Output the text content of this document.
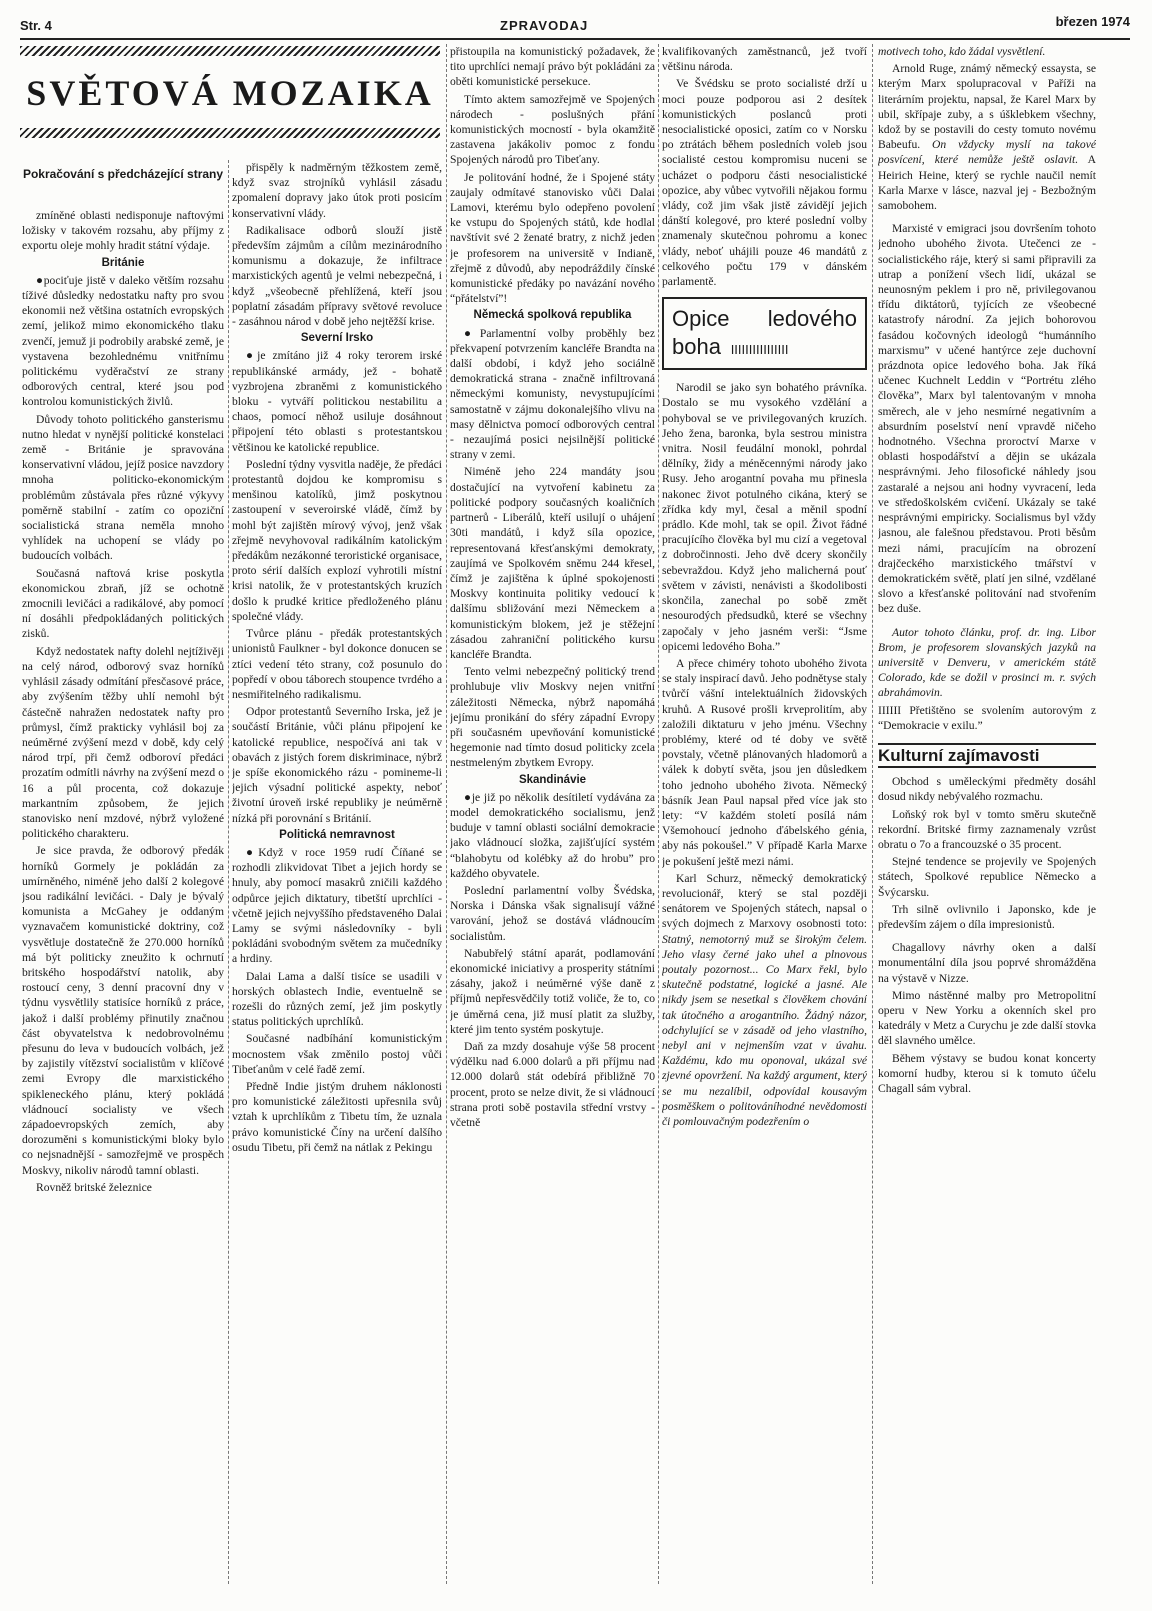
Str. 4	ZPRAVODAJ	březen 1974
SVĚTOVÁ MOZAIKA
Pokračování s předcházející strany

zmíněné oblasti nedisponuje naftovými ložisky v takovém rozsahu, aby příjmy z exportu oleje mohly hradit státní výdaje.

Británie

● pociťuje jistě v daleko větším rozsahu tíživé důsledky nedostatku nafty pro svou ekonomii než většina ostatních evropských zemí, jelikož mimo ekonomického tlaku zvenčí, jemuž ji podrobily arabské země, je vystavena bezohlednému vnitřnímu politickému vyděračství ze strany odborových central, které jsou pod kontrolou komunistických živlů.

Důvody tohoto politického gansterismu nutno hledat v nynější politické konstelaci země - Británie je spravována konservativní vládou, jejíž posice navzdory mnoha politicko-ekonomickým problémům zůstávala přes různé výkyvy poměrně stabilní - zatím co opoziční socialistická strana neměla mnoho vyhlídek na uchopení se vlády po budoucích volbách.

Současná naftová krise poskytla ekonomickou zbraň, jíž se ochotně zmocnili levičáci a radikálové, aby pomocí ní dosáhli předpokládaných politických zisků.

Když nedostatek nafty dolehl nejtíživěji na celý národ, odborový svaz horníků vyhlásil zásady odmítání přesčasové práce, aby zvýšením těžby uhlí nemohl být částečně nahražen nedostatek nafty pro průmysl, čímž prakticky vyhlásil boj za neúměrné zvýšení mezd v době, kdy celý národ trpí, při čemž odboroví předáci prozatím odmítli návrhy na zvýšení mezd o 16 a půl procenta, což dokazuje markantním způsobem, že jejich stanovisko není mzdové, nýbrž vyložené politického charakteru.

Je sice pravda, že odborový předák horníků Gormely je pokládán za umírněného, niméně jeho další 2 kolegové jsou radikální levičáci. - Daly je bývalý komunista a McGahey je oddaným vyznavačem komunistické doktriny, což vysvětluje dostatečně že 270.000 horníků má být politicky zneužito k ochrnutí britského hospodářství natolik, aby rostoucí ceny, 3 denní pracovní dny v týdnu vysvětlily statisíce horníků z práce, jakož i další problémy přinutily značnou část obyvatelstva k nedobrovolnému přesunu do leva v budoucích volbách, jež by zajistily vítězství socialistům v klíčové zemi Evropy dle marxistického spikleneckého plánu, který pokládá vládnoucí socialisty ve všech západoevropských zemích, aby dorozuměni s komunistickými bloky bylo co nejsnadnější - samozřejmě ve prospěch Moskvy, nikoliv národů tamní oblasti.

Rovněž britské železnice

přispěly k nadměrným těžkostem země, když svaz strojníků vyhlásil zásadu zpomalení dopravy jako útok proti posicím konservativní vlády.

Radikalisace odborů slouží jistě především zájmům a cílům mezinárodního komunismu a dokazuje, že infiltrace marxistických agentů je velmi nebezpečná, i když „všeobecně přehlížená, kteří jsou poplatní zásadám přípravy světové revoluce - zasáhnou národ v době jeho nejtěžší krise.

Severní Irsko

● je zmítáno již 4 roky terorem irské republikánské armády, jež - bohatě vyzbrojena zbraněmi z komunistického bloku - vytváří politickou nestabilitu a chaos, pomocí něhož usiluje dosáhnout připojení této oblasti s protestantskou většinou ke katolické republice.

Poslední týdny vysvitla naděje, že předáci protestantů dojdou ke kompromisu s menšinou katolíků, jimž poskytnou zastoupení v severoirské vládě, čímž by mohl být zajištěn mírový vývoj, jenž však zřejmě nevyhovoval radikálním katolickým předákům nezákonné teroristické organisace, proto sérií dalších explozí vyhrotili místní krisi natolik, že v protestantských kruzích došlo k prudké kritice předloženého plánu společné vlády.

Tvůrce plánu - předák protestantských unionistů Faulkner - byl dokonce donucen se ztíci vedení této strany, což posunulo do popředí v obou táborech stoupence tvrdého a nesmiřitelného radikalismu.

Odpor protestantů Severního Irska, jež je součástí Británie, vůči plánu připojení ke katolické republice, nespočívá ani tak v obavách z jistých forem diskriminace, nýbrž je spíše ekonomického rázu - pomineme-li jejich výsadní politické aspekty, neboť životní úroveň irské republiky je neúměrně nízká při porovnání s Británií.

Politická nemravnost

● Když v roce 1959 rudí Číňané se rozhodli zlikvidovat Tibet a jejich hordy se hnuly, aby pomocí masakrů zničili každého odpůrce jejich diktatury, tibetští uprchlíci - včetně jejich nejvyššího představeného Dalai Lamy se svými následovníky - byli pokládáni svobodným světem za mučedníky a hrdiny.

Dalai Lama a další tisíce se usadili v horských oblastech Indie, eventuelně se rozešli do různých zemí, jež jim poskytly status politických uprchlíků.

Současné nadbíhání komunistickým mocnostem však změnilo postoj vůči Tibeťanům v celé řadě zemí.

Předně Indie jistým druhem náklonosti pro komunistické záležitosti upřesnila svůj vztah k uprchlíkům z Tibetu tím, že uznala právo komunistické Číny na určení dalšího osudu Tibetu, při čemž na nátlak z Pekingu

přistoupila na komunistický požadavek, že tito uprchlíci nemají právo být pokládáni za oběti komunistické persekuce.

Tímto aktem samozřejmě ve Spojených národech - poslušných přání komunistických mocností - byla okamžitě zastavena jakákoliv pomoc z fondu Spojených národů pro Tibeťany.

Je politování hodné, že i Spojené státy zaujaly odmítavé stanovisko vůči Dalai Lamovi, kterému bylo odepřeno povolení ke vstupu do Spojených států, kde hodlal navštívit své 2 ženaté bratry, z nichž jeden je profesorem na universitě v Indianě, zřejmě z důvodů, aby nepodráždily čínské komunistické předáky po navázání nového “přátelství”!

Německá spolková republika

● Parlamentní volby proběhly bez překvapení potvrzením kancléře Brandta na další období, i když jeho sociálně demokratická strana - značně infiltrovaná německými komunisty, nevystupujícími samostatně v zájmu dokonalejšího vlivu na masy dělnictva pomocí odborových central - nezaujímá posici nejsilnější politické strany v zemi.

Niméně jeho 224 mandáty jsou dostačující na vytvoření kabinetu za politické podpory současných koaličních partnerů - Liberálů, kteří usilují o uhájení 30ti mandátů, i když síla opozice, representovaná křesťanskými demokraty, zaujímá ve Spolkovém sněmu 244 křesel, čímž je zajištěna k úplné spokojenosti Moskvy kontinuita politiky vedoucí k dalšímu sbližování mezi Německem a komunistickým blokem, jež je stěžejní zásadou zahraniční politického kursu kancléře Brandta.

Tento velmi nebezpečný politický trend prohlubuje vliv Moskvy nejen vnitřní záležitosti Německa, nýbrž napomáhá jejímu pronikání do sféry západní Evropy při současném upevňování komunistické hegemonie nad tímto dosud politicky zcela nestmeleným zbytkem Evropy.

Skandinávie

● je již po několik desítiletí vydávána za model demokratického socialismu, jenž buduje v tamní oblasti sociální demokracie jako vládnoucí složka, zajišťující systém “blahobytu od kolébky až do hrobu” pro každého obyvatele.

Poslední parlamentní volby Švédska, Norska i Dánska však signalisují vážné varování, jehož se dostává vládnoucím socialistům.

Nabubřelý státní aparát, podlamování ekonomické iniciativy a prosperity státními zásahy, jakož i neúměrné výše daně z příjmů nepřesvědčily totiž voliče, že to, co je úměrná cena, již musí platit za služby, které jim tento systém poskytuje.

Daň za mzdy dosahuje výše 58 procent výdělku nad 6.000 dolarů a při příjmu nad 12.000 dolarů stát odebírá přibližně 70 procent, proto se nelze divit, že si vládnoucí strana proti sobě postavila střední vrstvy - včetně

kvalifikovaných zaměstnanců, jež tvoří většinu národa.

Ve Švédsku se proto socialisté drží u moci pouze podporou asi 2 desítek komunistických poslanců proti nesocialistické oposici, zatím co v Norsku po ztrátách během posledních voleb jsou socialisté cestou kompromisu nuceni se ucházet o podporu části nesocialistické opozice, aby vůbec vytvořili nějakou formu vlády, což jim však jistě závidějí jejich dánští kolegové, pro které poslední volby znamenaly skutečnou pohromu a konec vlády, neboť uhájili pouze 46 mandátů z celkového počtu 179 v dánském parlamentě.

Opice ledového boha  IIIIIIIIIIIIIIII

Narodil se jako syn bohatého právníka. Dostalo se mu vysokého vzdělání a pohyboval se ve privilegovaných kruzích. Jeho žena, baronka, byla sestrou ministra vnitra. Nosil feudální monokl, pohrdal dělníky, židy a méněcennými národy jako Rusy. Jeho arogantní povaha mu přinesla nakonec život potulného cikána, který se zřídka kdy myl, česal a měnil spodní prádlo. Kde mohl, tak se opil. Život řádné pracujícího člověka byl mu cizí a vegetoval z dobročinnosti. Jeho dvě dcery skončily sebevraždou. Když jeho malicherná pouť světem v závisti, nenávisti a škodolibosti skončila, zanechal po sobě změt nesourodých předsudků, které se všechny započaly v jeho jasném verši: “Jsme opicemi ledového Boha.”

A přece chiméry tohoto ubohého života se staly inspirací davů. Jeho podnětyse staly tvůrčí vášní intelektuálních židovských kruhů. A Rusové prošli krveprolitím, aby založili diktaturu v jeho jménu. Všechny problémy, které od té doby ve světě povstaly, včetně plánovaných hladomorů a válek k dobytí světa, jsou jen důsledkem toho jednoho ubohého života. Německý básník Jean Paul napsal před více jak sto lety: “V každém století posílá nám Všemohoucí jednoho ďábelského génia, aby nás pokoušel.” V případě Karla Marxe je pokušení ještě mezi námi.

Karl Schurz, německý demokratický revolucionář, který se stal později senátorem ve Spojených státech, napsal o svých dojmech z Marxovy osobnosti toto: Statný, nemotorný muž se širokým čelem. Jeho vlasy černé jako uhel a plnovous poutaly pozornost... Co Marx řekl, bylo skutečně podstatné, logické a jasné. Ale nikdy jsem se nesetkal s člověkem chování tak útočného a arogantního. Žádný názor, odchylující se v zásadě od jeho vlastního, nebyl ani v nejmenším vzat v úvahu. Každému, kdo mu oponoval, ukázal své zjevné opovržení. Na každý argument, který se mu nezalíbil, odpovídal kousavým posměškem o politováníhodné nevědomosti či pomlouvačným podezřením o

motivech toho, kdo žádal vysvětlení.

Arnold Ruge, známý německý essaysta, se kterým Marx spolupracoval v Paříži na literárním projektu, napsal, že Karel Marx by ubil, skřípaje zuby, a s úšklebkem všechny, kdož by se postavili do cesty tomuto novému Babeufu. On vždycky myslí na takové posvícení, které nemůže ještě oslavit. A Heirich Heine, který se rychle naučil nemít Karla Marxe v lásce, nazval jej - Bezbožným samobohem.

Marxisté v emigraci jsou dovršením tohoto jednoho ubohého života. Utečenci ze - socialistického ráje, který si sami připravili za utrap a ponížení všech lidí, ukázal se neunosným peklem i pro ně, privilegovanou třídu diktátorů, tyjících ze všeobecné katastrofy národní. Za jejich bohorovou fasádou kočovných ideologů “humánního marxismu” v učené hantýrce zeje duchovní prázdnota opice ledového boha. Jak říká učenec Kuchnelt Leddin v “Portrétu zlého člověka”, Marx byl talentovaným v mnoha směrech, ale v jeho nesmírné negativním a absurdním poselství není vpravdě ničeho hodnotného. Všechna proroctví Marxe v oblasti hospodářství a dějin se ukázala nesprávnými. Jeho filosofické náhledy jsou zastaralé a nejsou ani hodny vyvracení, leda ve středoškolském cvičení. Ukázaly se také nesprávnými empiricky. Socialismus byl vždy jasnou, ale falešnou představou. Proti běsům mezi námi, pracujícím na obrození drajčeckého marxistického tmářství v demokratickém světě, platí jen silné, vzdělané slovo a křesťanské politování nad stvořením bez duše.

Autor tohoto článku, prof. dr. ing. Libor Brom, je profesorem slovanských jazyků na universitě v Denveru, v americkém státě Colorado, kde se dožil v prosinci m. r. svých abrahámovin.

IIIIII Přetištěno se svolením autorovým z “Demokracie v exilu.”

Kulturní zajímavosti

Obchod s uměleckými předměty dosáhl dosud nikdy nebývalého rozmachu.

Loňský rok byl v tomto směru skutečně rekordní. Britské firmy zaznamenaly vzrůst obratu o 7o a francouzské o 35 procent.

Stejné tendence se projevily ve Spojených státech, Spolkové republice Německo a Švýcarsku.

Trh silně ovlivnilo i Japonsko, kde je především zájem o díla impresionistů.

Chagallovy návrhy oken a další monumentální díla jsou poprvé shromážděna na výstavě v Nizze.

Mimo nástěnné malby pro Metropolitní operu v New Yorku a okenních skel pro katedrály v Metz a Curychu je zde další stovka děl slavného umělce.

Během výstavy se budou konat koncerty komorní hudby, kterou si k tomuto účelu Chagall sám vybral.
